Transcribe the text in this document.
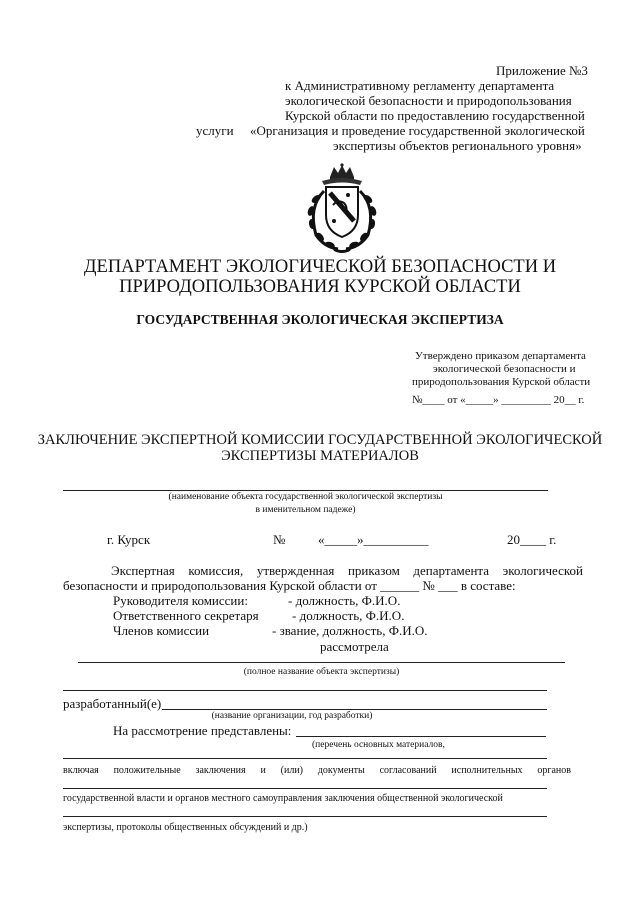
Приложение №3
к Административному регламенту департамента
экологической безопасности и природопользования
Курской области по предоставлению государственной
услуги «Организация и проведение государственной экологической
экспертизы объектов регионального уровня»
ДЕПАРТАМЕНТ ЭКОЛОГИЧЕСКОЙ БЕЗОПАСНОСТИ И
ПРИРОДОПОЛЬЗОВАНИЯ КУРСКОЙ ОБЛАСТИ
ГОСУДАРСТВЕННАЯ ЭКОЛОГИЧЕСКАЯ ЭКСПЕРТИЗА
Утверждено приказом департамента
экологической безопасности и
природопользования Курской области
№____ от «_____» _________ 20__ г.
ЗАКЛЮЧЕНИЕ ЭКСПЕРТНОЙ КОМИССИИ ГОСУДАРСТВЕННОЙ ЭКОЛОГИЧЕСКОЙ
ЭКСПЕРТИЗЫ МАТЕРИАЛОВ
(наименование объекта государственной экологической экспертизы
в именительном падеже)
г. Курск	№	«_____»__________	20____ г.
Экспертная комиссия, утвержденная приказом департамента экологической
безопасности и природопользования Курской области от ______ № ___ в составе:
Руководителя комиссии:	- должность, Ф.И.О.
Ответственного секретаря	- должность, Ф.И.О.
Членов комиссии	- звание, должность, Ф.И.О.
рассмотрела
(полное название объекта экспертизы)
разработанный(е)
(название организации, год разработки)
На рассмотрение представлены:
(перечень основных материалов,
включая положительные заключения и (или) документы согласований исполнительных органов
государственной власти и органов местного самоуправления заключения общественной экологической
экспертизы, протоколы общественных обсуждений и др.)
